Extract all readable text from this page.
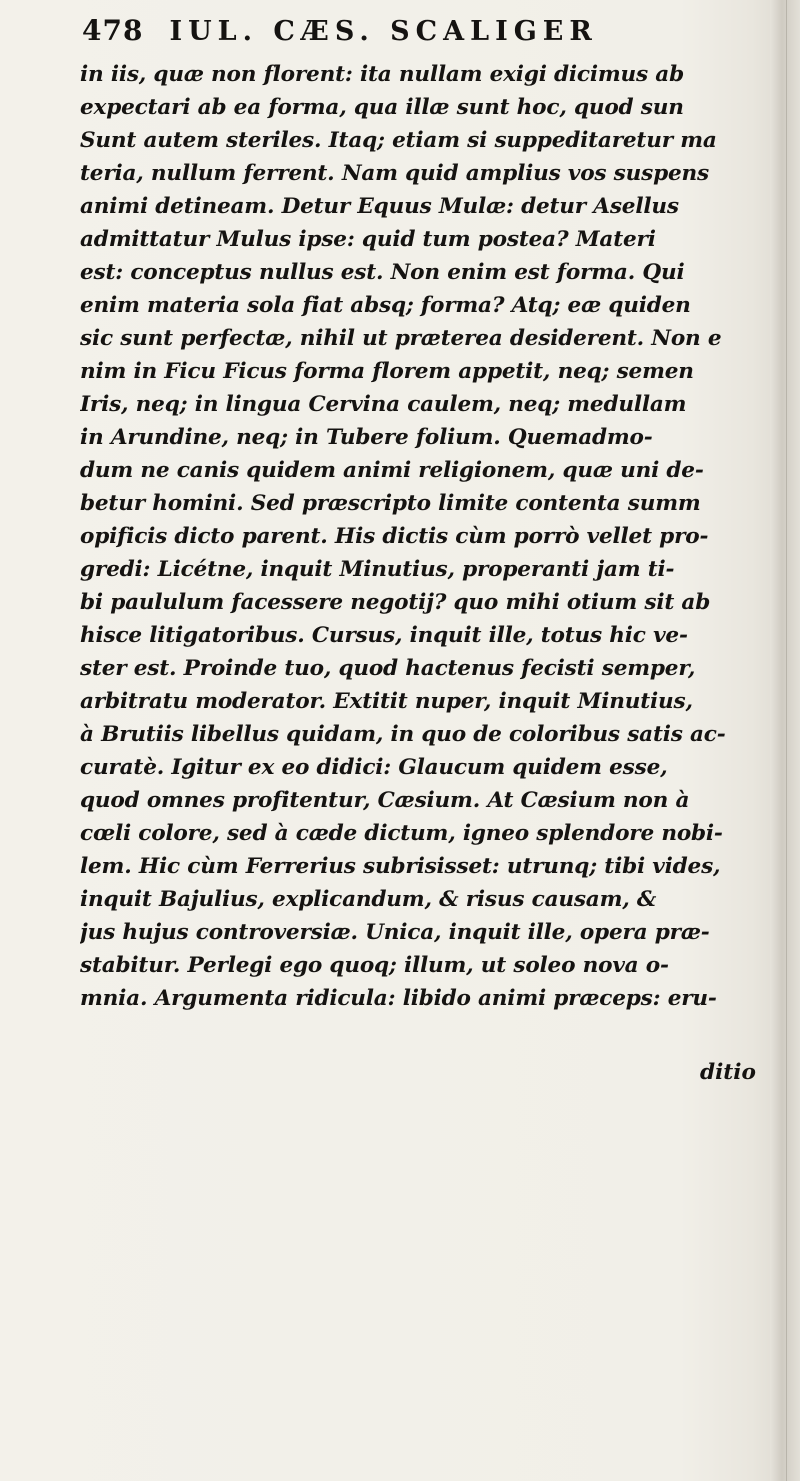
478 IUL. CÆS. SCALIGER
in iis, quæ non florent: ita nullam exigi dicimus ab
expectari ab ea forma, qua illæ sunt hoc, quod sun
Sunt autem steriles. Itaq; etiam si suppeditaretur ma
teria, nullum ferrent. Nam quid amplius vos suspens
animi detineam. Detur Equus Mulæ: detur Asellus
admittatur Mulus ipse: quid tum postea? Materi
est: conceptus nullus est. Non enim est forma. Qui
enim materia sola fiat absq; forma? Atq; eæ quiden
sic sunt perfectæ, nihil ut præterea desiderent. Non e
nim in Ficu Ficus forma florem appetit, neq; semen
Iris, neq; in lingua Cervina caulem, neq; medullam
in Arundine, neq; in Tubere folium. Quemadmo-
dum ne canis quidem animi religionem, quæ uni de-
betur homini. Sed præscripto limite contenta summ
opificis dicto parent. His dictis cùm porrò vellet pro-
gredi: Licétne, inquit Minutius, properanti jam ti-
bi paululum facessere negotij? quo mihi otium sit ab
hisce litigatoribus. Cursus, inquit ille, totus hic ve-
ster est. Proinde tuo, quod hactenus fecisti semper,
arbitratu moderator. Extitit nuper, inquit Minutius,
à Brutiis libellus quidam, in quo de coloribus satis ac-
curatè. Igitur ex eo didici: Glaucum quidem esse,
quod omnes profitentur, Cæsium. At Cæsium non à
cœli colore, sed à cæde dictum, igneo splendore nobi-
lem. Hic cùm Ferrerius subrisisset: utrunq; tibi vides,
inquit Bajulius, explicandum, & risus causam, &
jus hujus controversiæ. Unica, inquit ille, opera præ-
stabitur. Perlegi ego quoq; illum, ut soleo nova o-
mnia. Argumenta ridicula: libido animi præceps: eru-
ditio
